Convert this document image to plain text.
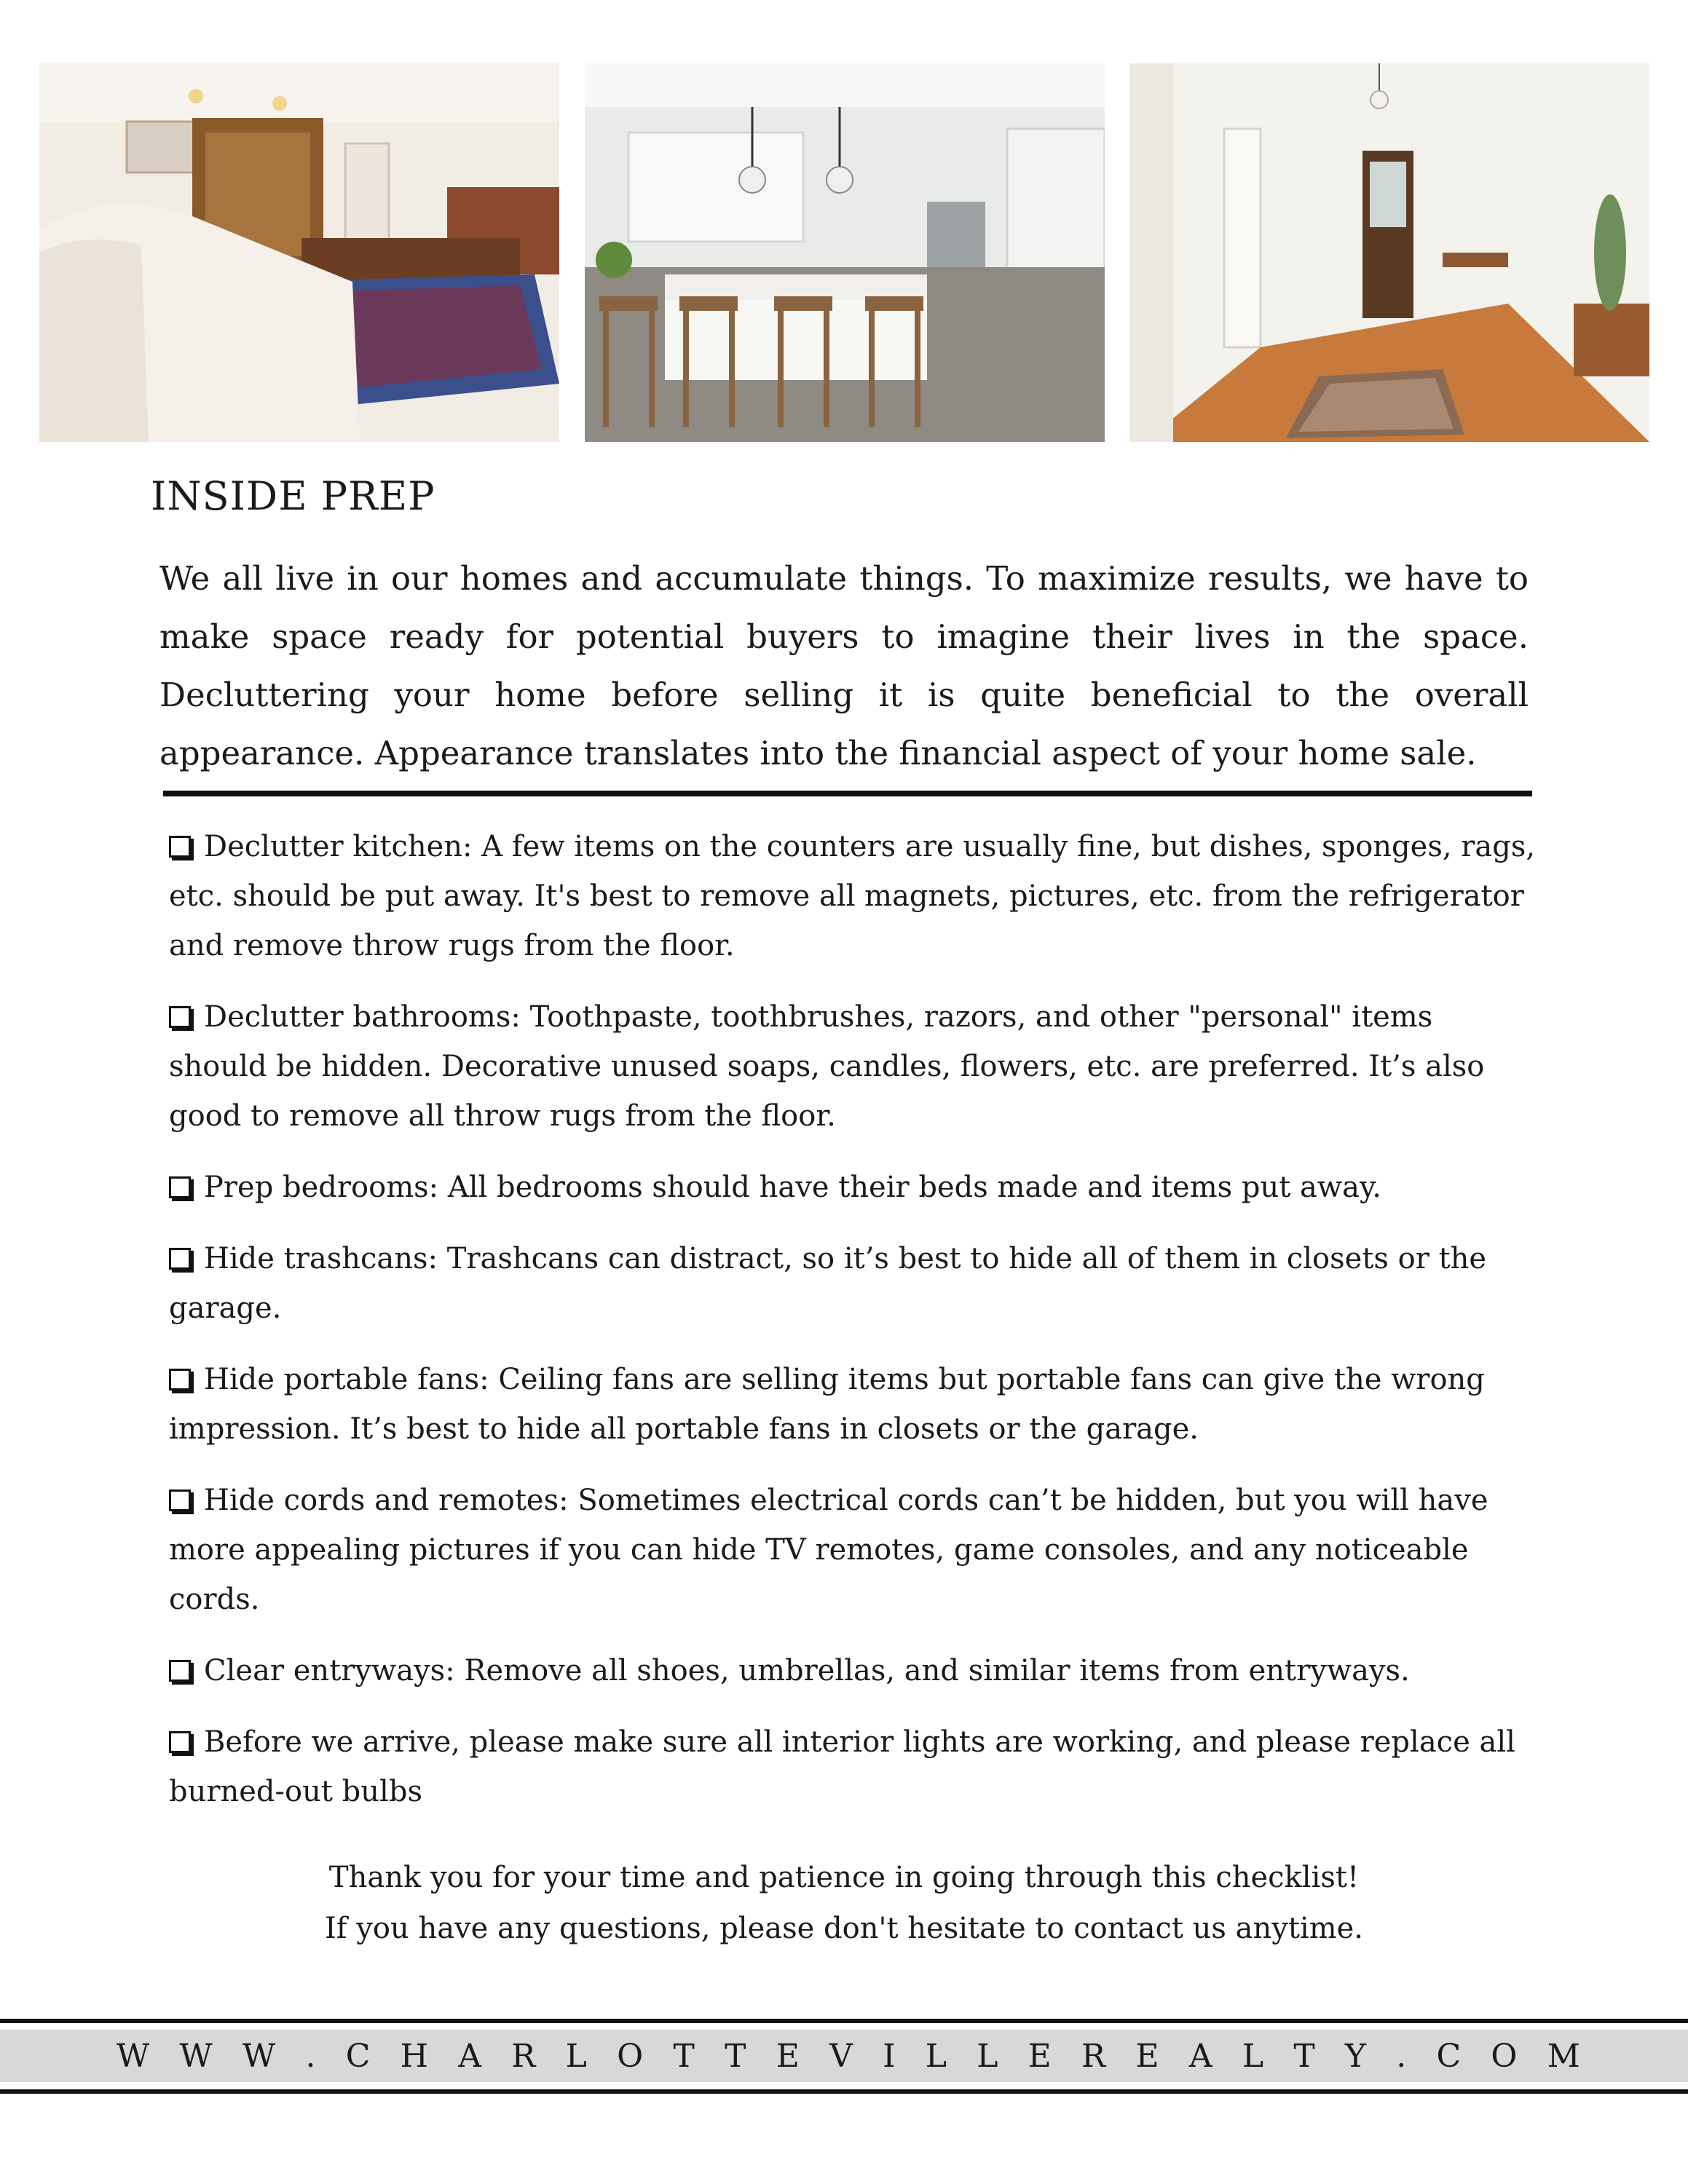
INSIDE PREP
We all live in our homes and accumulate things. To maximize results, we have to make space ready for potential buyers to imagine their lives in the space. Decluttering your home before selling it is quite beneficial to the overall appearance. Appearance translates into the financial aspect of your home sale.
Declutter kitchen: A few items on the counters are usually fine, but dishes, sponges, rags, etc. should be put away. It's best to remove all magnets, pictures, etc. from the refrigerator and remove throw rugs from the floor.
Declutter bathrooms: Toothpaste, toothbrushes, razors, and other "personal" items should be hidden. Decorative unused soaps, candles, flowers, etc. are preferred. It’s also good to remove all throw rugs from the floor.
Prep bedrooms: All bedrooms should have their beds made and items put away.
Hide trashcans: Trashcans can distract, so it’s best to hide all of them in closets or the garage.
Hide portable fans: Ceiling fans are selling items but portable fans can give the wrong impression. It’s best to hide all portable fans in closets or the garage.
Hide cords and remotes: Sometimes electrical cords can’t be hidden, but you will have more appealing pictures if you can hide TV remotes, game consoles, and any noticeable cords.
Clear entryways: Remove all shoes, umbrellas, and similar items from entryways.
Before we arrive, please make sure all interior lights are working, and please replace all burned-out bulbs
Thank you for your time and patience in going through this checklist!
If you have any questions, please don't hesitate to contact us anytime.
W W W . C H A R L O T T E V I L L E R E A L T Y . C O M
